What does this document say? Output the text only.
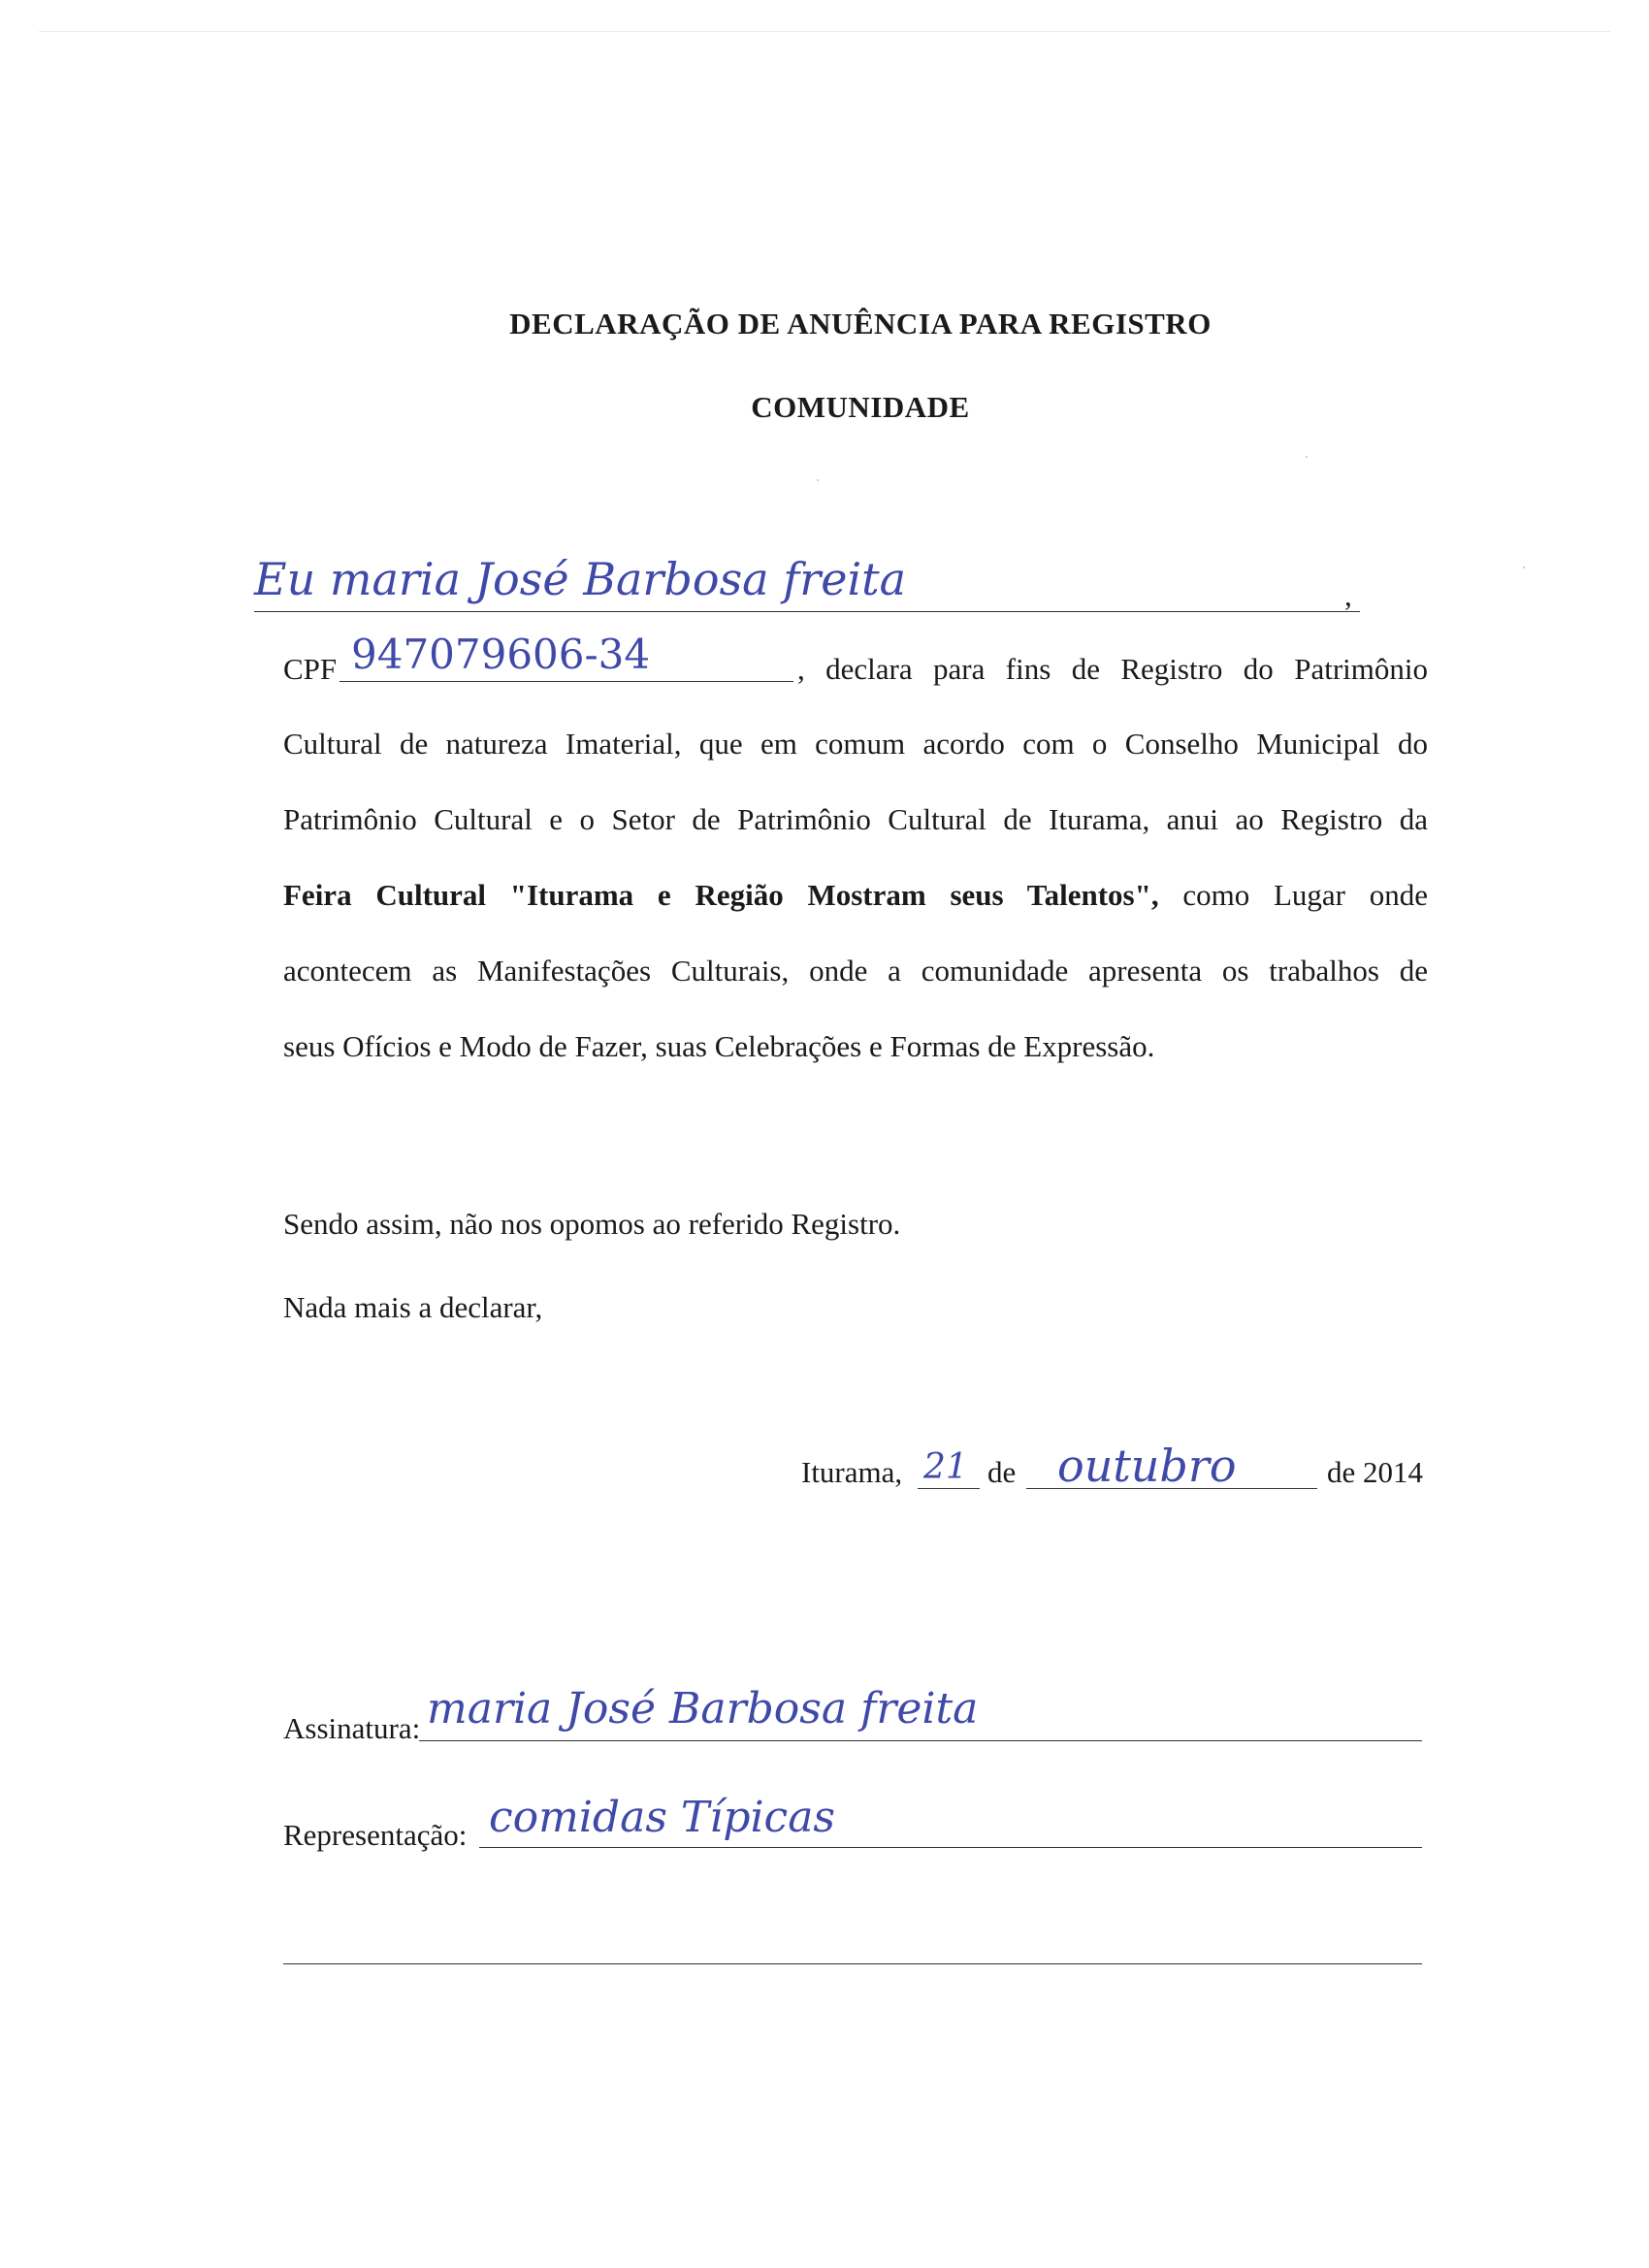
DECLARAÇÃO DE ANUÊNCIA PARA REGISTRO
COMUNIDADE
Eu maria José Barbosa freita	,
CPF 947079606-34	, declara para fins de Registro do Patrimônio
Cultural de natureza Imaterial, que em comum acordo com o Conselho Municipal do
Patrimônio Cultural e o Setor de Patrimônio Cultural de Iturama, anui ao Registro da
Feira Cultural "Iturama e Região Mostram seus Talentos", como Lugar onde
acontecem as Manifestações Culturais, onde a comunidade apresenta os trabalhos de
seus Ofícios e Modo de Fazer, suas Celebrações e Formas de Expressão.
Sendo assim, não nos opomos ao referido Registro.
Nada mais a declarar,
Iturama, 21 de outubro	de 2014
Assinatura: maria José Barbosa freita
Representação: comidas Típicas
